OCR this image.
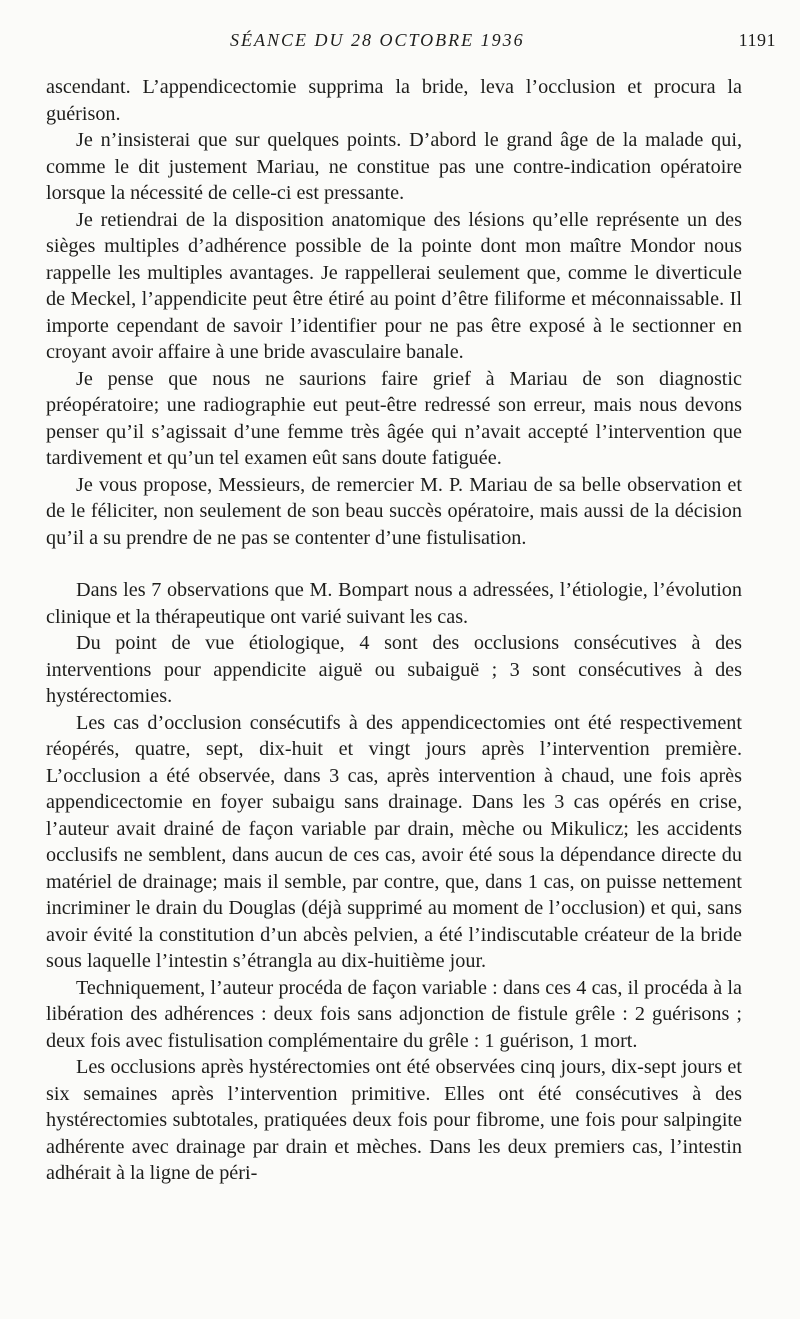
SÉANCE DU 28 OCTOBRE 1936	1191

ascendant. L’appendicectomie supprima la bride, leva l’occlusion et procura la guérison.

Je n’insisterai que sur quelques points. D’abord le grand âge de la malade qui, comme le dit justement Mariau, ne constitue pas une contre-indication opératoire lorsque la nécessité de celle-ci est pressante.

Je retiendrai de la disposition anatomique des lésions qu’elle représente un des sièges multiples d’adhérence possible de la pointe dont mon maître Mondor nous rappelle les multiples avantages. Je rappellerai seulement que, comme le diverticule de Meckel, l’appendicite peut être étiré au point d’être filiforme et méconnaissable. Il importe cependant de savoir l’identifier pour ne pas être exposé à le sectionner en croyant avoir affaire à une bride avasculaire banale.

Je pense que nous ne saurions faire grief à Mariau de son diagnostic préopératoire; une radiographie eut peut-être redressé son erreur, mais nous devons penser qu’il s’agissait d’une femme très âgée qui n’avait accepté l’intervention que tardivement et qu’un tel examen eût sans doute fatiguée.

Je vous propose, Messieurs, de remercier M. P. Mariau de sa belle observation et de le féliciter, non seulement de son beau succès opératoire, mais aussi de la décision qu’il a su prendre de ne pas se contenter d’une fistulisation.

Dans les 7 observations que M. Bompart nous a adressées, l’étiologie, l’évolution clinique et la thérapeutique ont varié suivant les cas.

Du point de vue étiologique, 4 sont des occlusions consécutives à des interventions pour appendicite aiguë ou subaiguë ; 3 sont consécutives à des hystérectomies.

Les cas d’occlusion consécutifs à des appendicectomies ont été respectivement réopérés, quatre, sept, dix-huit et vingt jours après l’intervention première. L’occlusion a été observée, dans 3 cas, après intervention à chaud, une fois après appendicectomie en foyer subaigu sans drainage. Dans les 3 cas opérés en crise, l’auteur avait drainé de façon variable par drain, mèche ou Mikulicz; les accidents occlusifs ne semblent, dans aucun de ces cas, avoir été sous la dépendance directe du matériel de drainage; mais il semble, par contre, que, dans 1 cas, on puisse nettement incriminer le drain du Douglas (déjà supprimé au moment de l’occlusion) et qui, sans avoir évité la constitution d’un abcès pelvien, a été l’indiscutable créateur de la bride sous laquelle l’intestin s’étrangla au dix-huitième jour.

Techniquement, l’auteur procéda de façon variable : dans ces 4 cas, il procéda à la libération des adhérences : deux fois sans adjonction de fistule grêle : 2 guérisons ; deux fois avec fistulisation complémentaire du grêle : 1 guérison, 1 mort.

Les occlusions après hystérectomies ont été observées cinq jours, dix-sept jours et six semaines après l’intervention primitive. Elles ont été consécutives à des hystérectomies subtotales, pratiquées deux fois pour fibrome, une fois pour salpingite adhérente avec drainage par drain et mèches. Dans les deux premiers cas, l’intestin adhérait à la ligne de péri-
